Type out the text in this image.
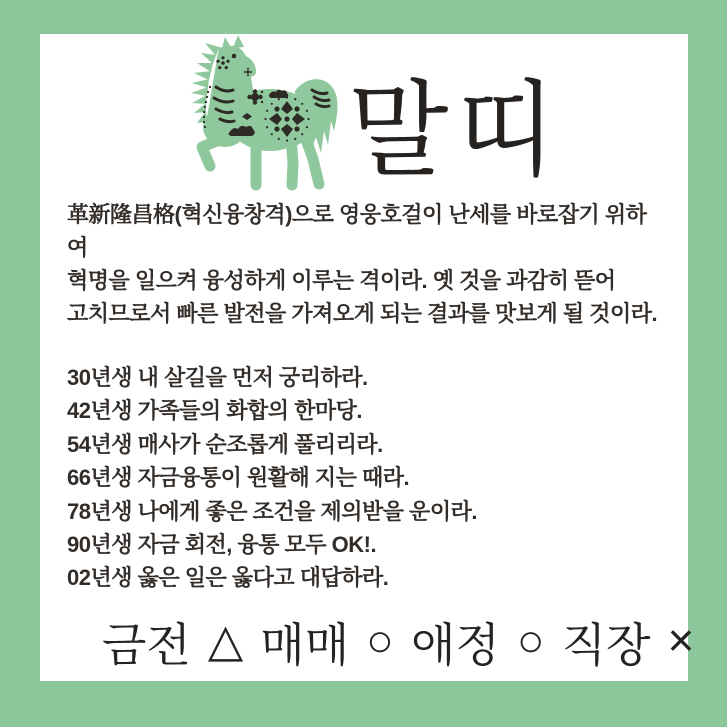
말띠
革新隆昌格(혁신융창격)으로 영웅호걸이 난세를 바로잡기 위하여
혁명을 일으켜 융성하게 이루는 격이라. 옛 것을 과감히 뜯어
고치므로서 빠른 발전을 가져오게 되는 결과를 맛보게 될 것이라.
30년생 내 살길을 먼저 궁리하라.
42년생 가족들의 화합의 한마당.
54년생 매사가 순조롭게 풀리리라.
66년생 자금융통이 원활해 지는 때라.
78년생 나에게 좋은 조건을 제의받을 운이라.
90년생 자금 회전, 융통 모두 OK!.
02년생 옳은 일은 옳다고 대답하라.
금전 △ 매매 ○ 애정 ○ 직장 ×
